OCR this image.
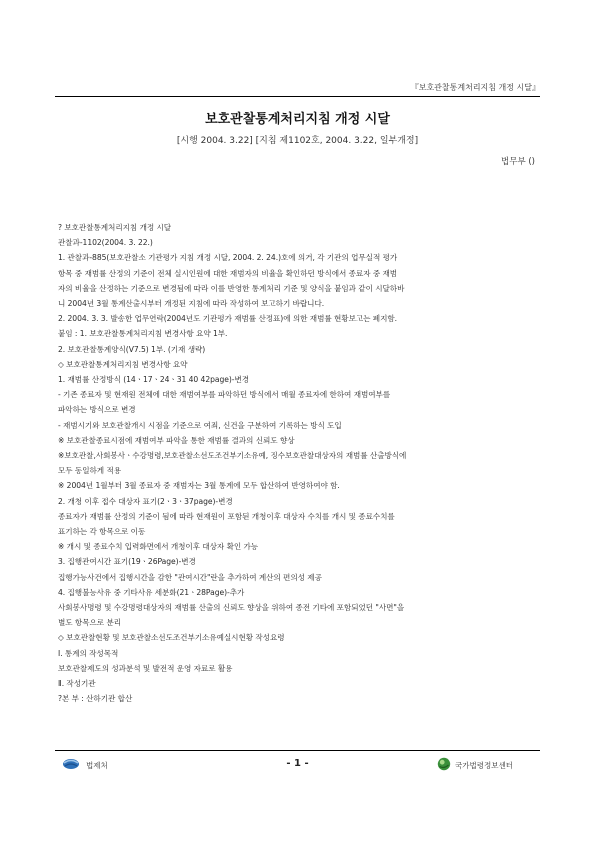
『보호관찰통계처리지침 개정 시달』
보호관찰통계처리지침 개정 시달
[시행 2004. 3.22] [지침 제1102호, 2004. 3.22, 일부개정]
법무부 ()
? 보호관찰통계처리지침 개정 시달
관찰과-1102(2004. 3. 22.)
1. 관찰과-885(보호관찰소 기관평가 지침 개정 시달, 2004. 2. 24.)호에 의거, 각 기관의 업무실적 평가
항목 중 재범률 산정의 기준이 전체 실시인원에 대한 재범자의 비율을 확인하던 방식에서 종료자 중 재범
자의 비율을 산정하는 기준으로 변경됨에 따라 이를 반영한 통계처리 기준 및 양식을 붙임과 같이 시달하바
니 2004년 3월 통계산출시부터 개정된 지침에 따라 작성하여 보고하기 바랍니다.
2. 2004. 3. 3. 발송한 업무연락(2004년도 기관평가 재범률 산정표)에 의한 재범률 현황보고는 폐지함.
붙임 : 1. 보호관찰통계처리지침 변경사항 요약 1부.
2. 보호관찰통계양식(V7.5) 1부. (기재 생략)
◇ 보호관찰통계처리지침 변경사항 요약
1. 재범률 산정방식 (14ㆍ17ㆍ24ㆍ31 40 42page)-변경
- 기존 종료자 및 현재원 전체에 대한 재범여부를 파악하던 방식에서 매월 종료자에 한하여 재범여부를
파악하는 방식으로 변경
- 재범시기와 보호관찰개시 시점을 기준으로 여죄, 신건을 구분하여 기록하는 방식 도입
※ 보호관찰종료시점에 재범여부 파악을 통한 재범률 결과의 신뢰도 향상
※보호관찰,사회봉사ㆍ수강명령,보호관찰소선도조건부기소유예, 징수보호관찰대상자의 재범률 산출방식에
모두 동일하게 적용
※ 2004년 1월부터 3월 종료자 중 재범자는 3월 통계에 모두 합산하여 반영하여야 함.
2. 개청 이후 접수 대상자 표기(2ㆍ3ㆍ37page)-변경
종료자가 재범률 산정의 기준이 됨에 따라 현재원이 포함된 개청이후 대상자 수치를 개시 및 종료수치를
표기하는 각 항목으로 이동
※ 개시 및 종료수치 입력화면에서 개청이후 대상자 확인 가능
3. 집행관여시간 표기(19ㆍ26Page)-변경
집행가능사건에서 집행시간을 감한 "관여시간"란을 추가하여 계산의 편의성 제공
4. 집행불능사유 중 기타사유 세분화(21ㆍ28Page)-추가
사회봉사명령 및 수강명령대상자의 재범률 산출의 신뢰도 향상을 위하여 종전 기타에 포함되었던 "사면"을
별도 항목으로 분리
◇ 보호관찰현황 및 보호관찰소선도조건부기소유예실시현황 작성요령
Ⅰ. 통계의 작성목적
보호관찰제도의 성과분석 및 발전적 운영 자료로 활용
Ⅱ. 작성기관
?본 부 : 산하기관 합산
법제처	- 1 -	국가법령정보센터
